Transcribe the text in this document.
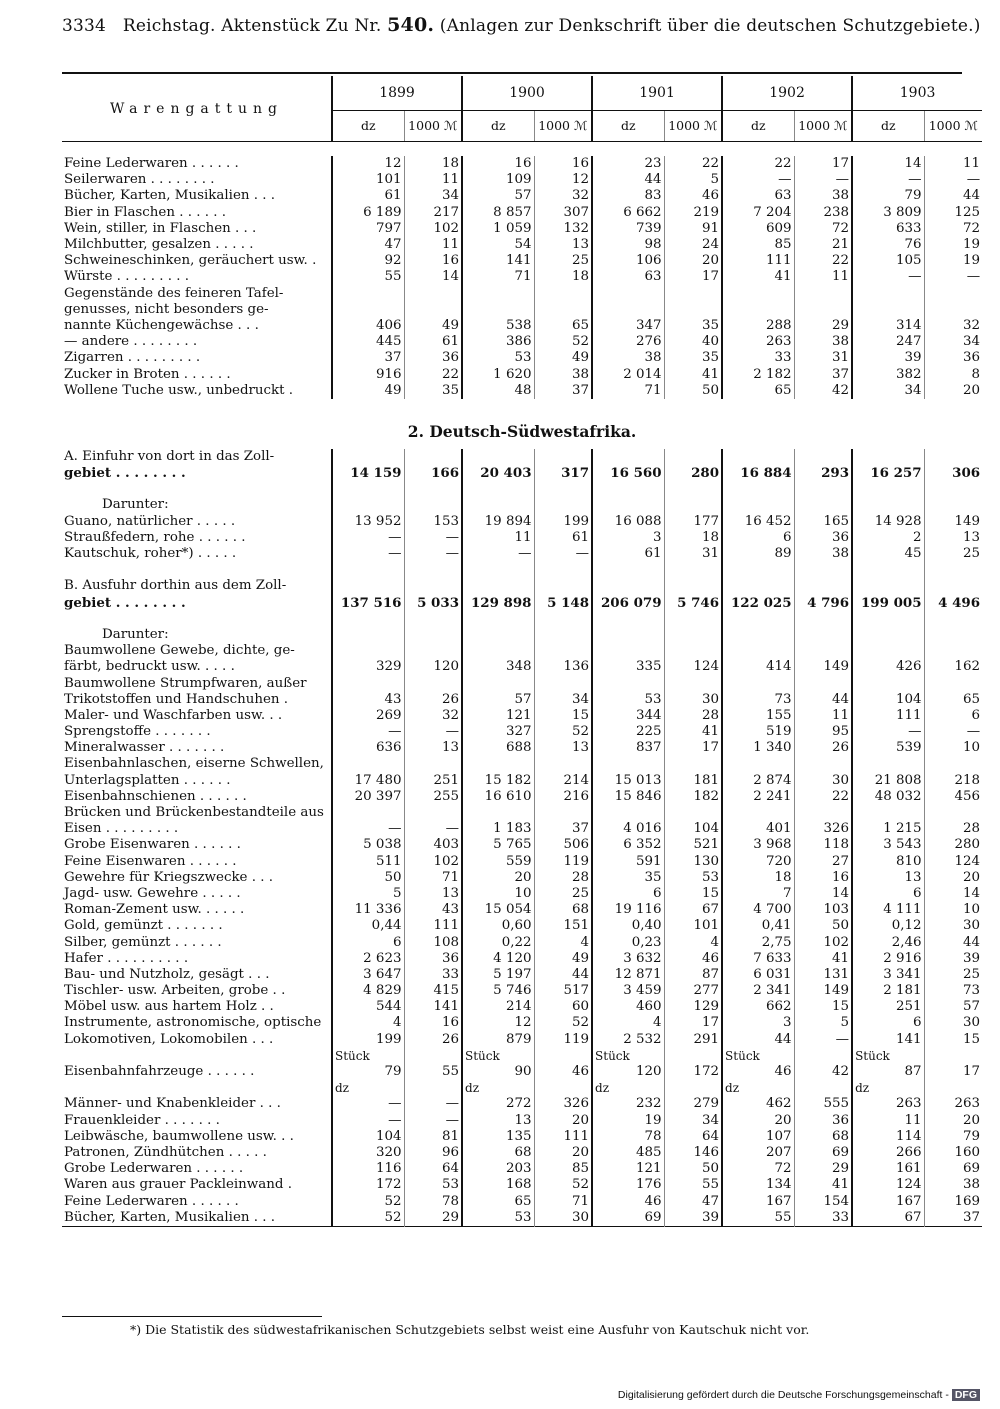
3334 Reichstag. Aktenstück Zu Nr. 540. (Anlagen zur Denkschrift über die deutschen Schutzgebiete.)
Warengattung	1899		1900		1901		1902		1903	
	dz	1000 ℳ	dz	1000 ℳ	dz	1000 ℳ	dz	1000 ℳ	dz	1000 ℳ

Feine Lederwaren . . . . . .	12	18	16	16	23	22	22	17	14	11
Seilerwaren . . . . . . . .	101	11	109	12	44	5	—	—	—	—
Bücher, Karten, Musikalien . . .	61	34	57	32	83	46	63	38	79	44
Bier in Flaschen . . . . . .	6 189	217	8 857	307	6 662	219	7 204	238	3 809	125
Wein, stiller, in Flaschen . . .	797	102	1 059	132	739	91	609	72	633	72
Milchbutter, gesalzen . . . . .	47	11	54	13	98	24	85	21	76	19
Schweineschinken, geräuchert usw. .	92	16	141	25	106	20	111	22	105	19
Würste . . . . . . . . .	55	14	71	18	63	17	41	11	—	—
Gegenstände des feineren Tafel-										
genusses, nicht besonders ge-										
nannte Küchengewächse . . .	406	49	538	65	347	35	288	29	314	32
— andere . . . . . . . .	445	61	386	52	276	40	263	38	247	34
Zigarren . . . . . . . . .	37	36	53	49	38	35	33	31	39	36
Zucker in Broten . . . . . .	916	22	1 620	38	2 014	41	2 182	37	382	8
Wollene Tuche usw., unbedruckt .	49	35	48	37	71	50	65	42	34	20
2. Deutsch-Südwestafrika.										
A. Einfuhr von dort in das Zoll-										
gebiet . . . . . . . .	14 159	166	20 403	317	16 560	280	16 884	293	16 257	306

Darunter:										
Guano, natürlicher . . . . .	13 952	153	19 894	199	16 088	177	16 452	165	14 928	149
Straußfedern, rohe . . . . . .	—	—	11	61	3	18	6	36	2	13
Kautschuk, roher*) . . . . .	—	—	—	—	61	31	89	38	45	25

B. Ausfuhr dorthin aus dem Zoll-										
gebiet . . . . . . . .	137 516	5 033	129 898	5 148	206 079	5 746	122 025	4 796	199 005	4 496

Darunter:										
Baumwollene Gewebe, dichte, ge-										
färbt, bedruckt usw. . . . .	329	120	348	136	335	124	414	149	426	162
Baumwollene Strumpfwaren, außer										
Trikotstoffen und Handschuhen .	43	26	57	34	53	30	73	44	104	65
Maler- und Waschfarben usw. . .	269	32	121	15	344	28	155	11	111	6
Sprengstoffe . . . . . . .	—	—	327	52	225	41	519	95	—	—
Mineralwasser . . . . . . .	636	13	688	13	837	17	1 340	26	539	10
Eisenbahnlaschen, eiserne Schwellen,										
Unterlagsplatten . . . . . .	17 480	251	15 182	214	15 013	181	2 874	30	21 808	218
Eisenbahnschienen . . . . . .	20 397	255	16 610	216	15 846	182	2 241	22	48 032	456
Brücken und Brückenbestandteile aus										
Eisen . . . . . . . . .	—	—	1 183	37	4 016	104	401	326	1 215	28
Grobe Eisenwaren . . . . . .	5 038	403	5 765	506	6 352	521	3 968	118	3 543	280
Feine Eisenwaren . . . . . .	511	102	559	119	591	130	720	27	810	124
Gewehre für Kriegszwecke . . .	50	71	20	28	35	53	18	16	13	20
Jagd- usw. Gewehre . . . . .	5	13	10	25	6	15	7	14	6	14
Roman-Zement usw. . . . . .	11 336	43	15 054	68	19 116	67	4 700	103	4 111	10
Gold, gemünzt . . . . . . .	0,44	111	0,60	151	0,40	101	0,41	50	0,12	30
Silber, gemünzt . . . . . .	6	108	0,22	4	0,23	4	2,75	102	2,46	44
Hafer . . . . . . . . . .	2 623	36	4 120	49	3 632	46	7 633	41	2 916	39
Bau- und Nutzholz, gesägt . . .	3 647	33	5 197	44	12 871	87	6 031	131	3 341	25
Tischler- usw. Arbeiten, grobe . .	4 829	415	5 746	517	3 459	277	2 341	149	2 181	73
Möbel usw. aus hartem Holz . .	544	141	214	60	460	129	662	15	251	57
Instrumente, astronomische, optische	4	16	12	52	4	17	3	5	6	30
Lokomotiven, Lokomobilen . . .	199	26	879	119	2 532	291	44	—	141	15
	Stück		Stück		Stück		Stück		Stück	
Eisenbahnfahrzeuge . . . . . .	79	55	90	46	120	172	46	42	87	17
	dz		dz		dz		dz		dz	
Männer- und Knabenkleider . . .	—	—	272	326	232	279	462	555	263	263
Frauenkleider . . . . . . .	—	—	13	20	19	34	20	36	11	20
Leibwäsche, baumwollene usw. . .	104	81	135	111	78	64	107	68	114	79
Patronen, Zündhütchen . . . . .	320	96	68	20	485	146	207	69	266	160
Grobe Lederwaren . . . . . .	116	64	203	85	121	50	72	29	161	69
Waren aus grauer Packleinwand .	172	53	168	52	176	55	134	41	124	38
Feine Lederwaren . . . . . .	52	78	65	71	46	47	167	154	167	169
Bücher, Karten, Musikalien . . .	52	29	53	30	69	39	55	33	67	37

*) Die Statistik des südwestafrikanischen Schutzgebiets selbst weist eine Ausfuhr von Kautschuk nicht vor.
Digitalisierung gefördert durch die Deutsche Forschungsgemeinschaft - DFG
